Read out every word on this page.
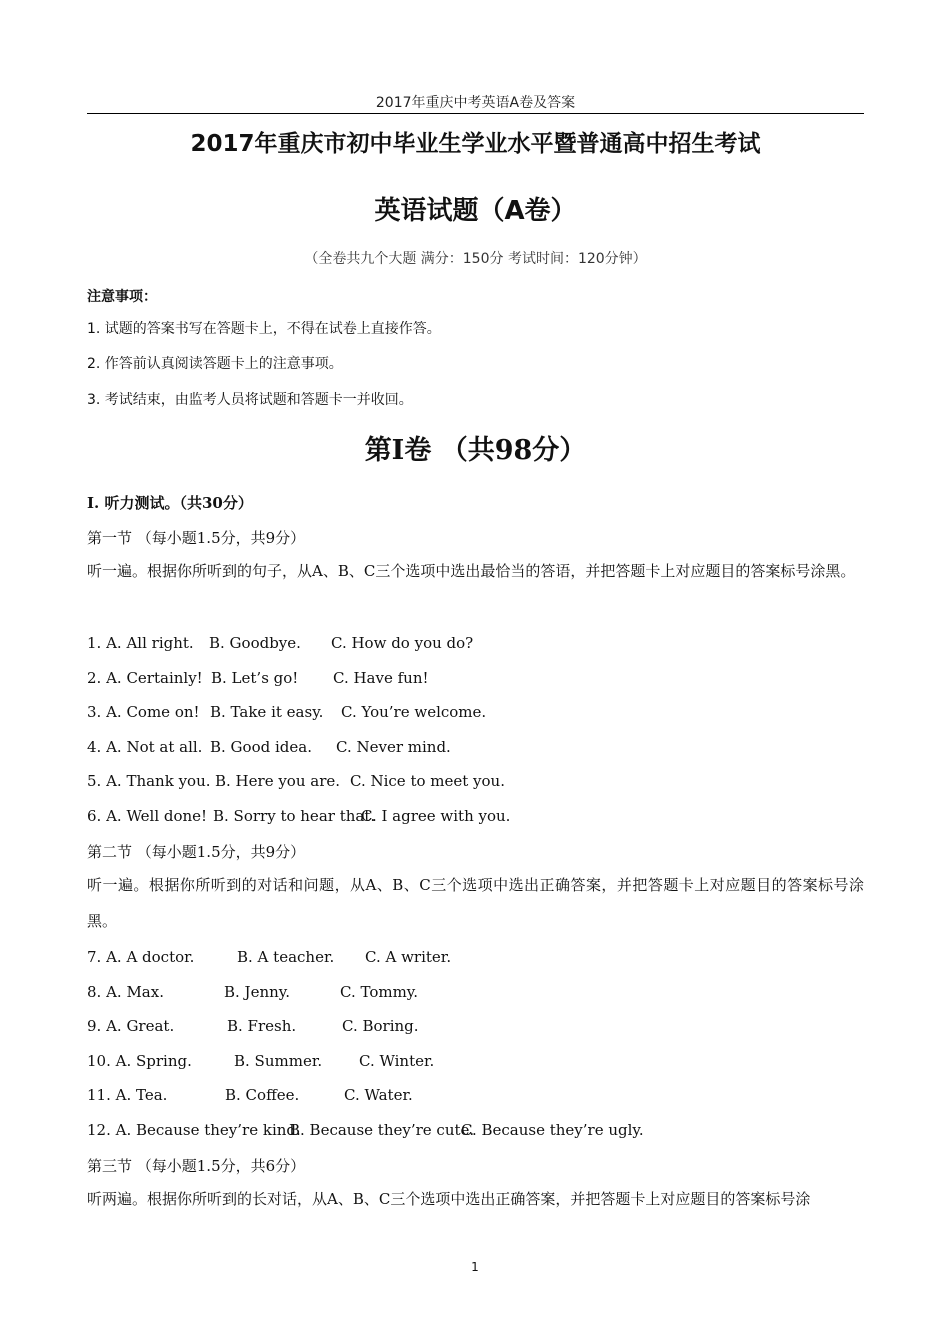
2017年重庆中考英语A卷及答案
2017年重庆市初中毕业生学业水平暨普通高中招生考试
英语试题（A卷）
（全卷共九个大题 满分：150分 考试时间：120分钟）
注意事项：
1. 试题的答案书写在答题卡上，不得在试卷上直接作答。
2. 作答前认真阅读答题卡上的注意事项。
3. 考试结束，由监考人员将试题和答题卡一并收回。
第I卷 （共98分）
I. 听力测试。（共30分）
第一节 （每小题1.5分，共9分）
听一遍。根据你所听到的句子，从A、B、C三个选项中选出最恰当的答语，并把答题卡上对应题目的答案标号涂黑。
1. A. All right. B. Goodbye. C. How do you do?
2. A. Certainly! B. Let’s go! C. Have fun!
3. A. Come on! B. Take it easy. C. You’re welcome.
4. A. Not at all. B. Good idea. C. Never mind.
5. A. Thank you. B. Here you are. C. Nice to meet you.
6. A. Well done! B. Sorry to hear that.C. I agree with you.
第二节 （每小题1.5分，共9分）
听一遍。根据你所听到的对话和问题，从A、B、C三个选项中选出正确答案，并把答题卡上对应题目的答案标号涂黑。
7. A. A doctor.	B. A teacher. C. A writer.
8. A. Max.	B. Jenny.	C. Tommy.
9. A. Great.	B. Fresh.	C. Boring.
10. A. Spring.	B. Summer. C. Winter.
11. A. Tea.	B. Coffee.	C. Water.
12. A. Because they’re kind.B. Because they’re cute.C. Because they’re ugly.
第三节 （每小题1.5分，共6分）
听两遍。根据你所听到的长对话，从A、B、C三个选项中选出正确答案，并把答题卡上对应题目的答案标号涂
1
